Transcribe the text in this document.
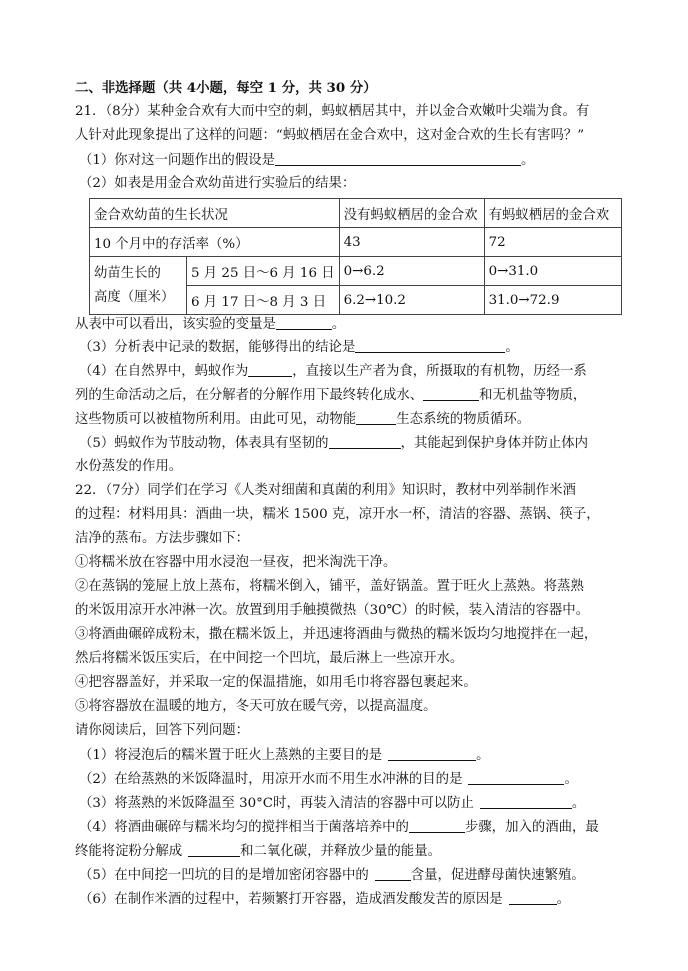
二、非选择题（共 4小题，每空 1 分，共 30 分）
21．（8分）某种金合欢有大而中空的刺，蚂蚁栖居其中，并以金合欢嫩叶尖端为食。有
人针对此现象提出了这样的问题：“蚂蚁栖居在金合欢中，这对金合欢的生长有害吗？”
（1）你对这一问题作出的假设是	。
（2）如表是用金合欢幼苗进行实验后的结果：
金合欢幼苗的生长状况		没有蚂蚁栖居的金合欢	有蚂蚁栖居的金合欢
10 个月中的存活率（%）		43	72
幼苗生长的
高度（厘米）	5 月 25 日～6 月 16 日	0→6.2	0→31.0
	6 月 17 日～8 月 3 日	6.2→10.2	31.0→72.9
从表中可以看出，该实验的变量是	。
（3）分析表中记录的数据，能够得出的结论是	。
（4）在自然界中，蚂蚁作为	，直接以生产者为食，所摄取的有机物，历经一系
列的生命活动之后，在分解者的分解作用下最终转化成水、	和无机盐等物质，
这些物质可以被植物所利用。由此可见，动物能	生态系统的物质循环。
（5）蚂蚁作为节肢动物，体表具有坚韧的	，其能起到保护身体并防止体内
水份蒸发的作用。
22．（7分）同学们在学习《人类对细菌和真菌的利用》知识时，教材中列举制作米酒
的过程：材料用具：酒曲一块，糯米 1500 克，凉开水一杯，清洁的容器、蒸锅、筷子，
洁净的蒸布。方法步骤如下：
①将糯米放在容器中用水浸泡一昼夜，把米淘洗干净。
②在蒸锅的笼屉上放上蒸布，将糯米倒入，铺平，盖好锅盖。置于旺火上蒸熟。将蒸熟
的米饭用凉开水冲淋一次。放置到用手触摸微热（30℃）的时候，装入清洁的容器中。
③将酒曲碾碎成粉末，撒在糯米饭上，并迅速将酒曲与微热的糯米饭均匀地搅拌在一起，
然后将糯米饭压实后，在中间挖一个凹坑，最后淋上一些凉开水。
④把容器盖好，并采取一定的保温措施，如用毛巾将容器包裹起来。
⑤将容器放在温暖的地方，冬天可放在暖气旁，以提高温度。
请你阅读后，回答下列问题：
（1）将浸泡后的糯米置于旺火上蒸熟的主要目的是	。
（2）在给蒸熟的米饭降温时，用凉开水而不用生水冲淋的目的是	。
（3）将蒸熟的米饭降温至 30°C时，再装入清洁的容器中可以防止	。
（4）将酒曲碾碎与糯米均匀的搅拌相当于菌落培养中的	步骤，加入的酒曲，最
终能将淀粉分解成	和二氧化碳，并释放少量的能量。
（5）在中间挖一凹坑的目的是增加密闭容器中的	含量，促进酵母菌快速繁殖。
（6）在制作米酒的过程中，若频繁打开容器，造成酒发酸发苦的原因是	。
